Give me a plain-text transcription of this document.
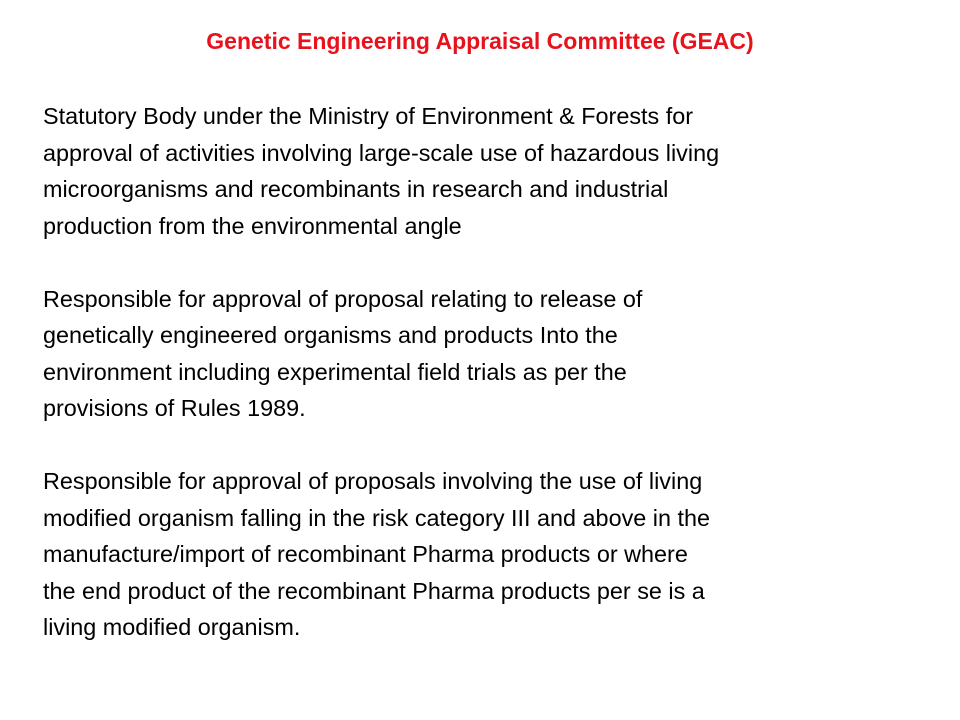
Genetic Engineering Appraisal Committee (GEAC)

Statutory Body under the Ministry of Environment & Forests for
approval of activities involving large-scale use of hazardous living
microorganisms and recombinants in research and industrial
production from the environmental angle

Responsible for approval of proposal relating to release of
genetically engineered organisms and products Into the
environment including experimental field trials as per the
provisions of Rules 1989.

Responsible for approval of proposals involving the use of living
modified organism falling in the risk category III and above in the
manufacture/import of recombinant Pharma products or where
the end product of the recombinant Pharma products per se is a
living modified organism.
